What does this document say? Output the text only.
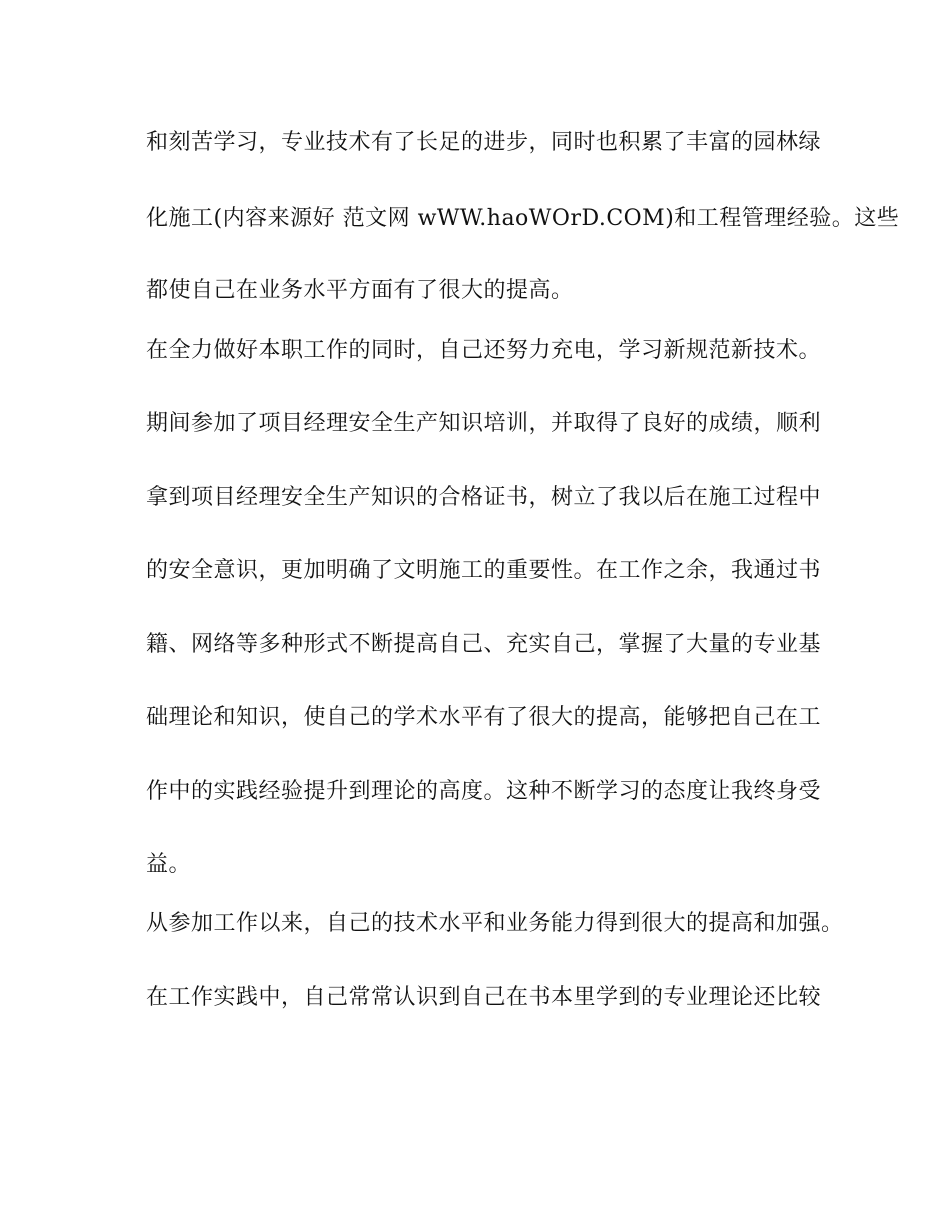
和刻苦学习，专业技术有了长足的进步，同时也积累了丰富的园林绿
化施工(内容来源好 范文网 wWW.haoWOrD.COM)和工程管理经验。这些
都使自己在业务水平方面有了很大的提高。
在全力做好本职工作的同时，自己还努力充电，学习新规范新技术。
期间参加了项目经理安全生产知识培训，并取得了良好的成绩，顺利
拿到项目经理安全生产知识的合格证书，树立了我以后在施工过程中
的安全意识，更加明确了文明施工的重要性。在工作之余，我通过书
籍、网络等多种形式不断提高自己、充实自己，掌握了大量的专业基
础理论和知识，使自己的学术水平有了很大的提高，能够把自己在工
作中的实践经验提升到理论的高度。这种不断学习的态度让我终身受
益。
从参加工作以来，自己的技术水平和业务能力得到很大的提高和加强。
在工作实践中，自己常常认识到自己在书本里学到的专业理论还比较
